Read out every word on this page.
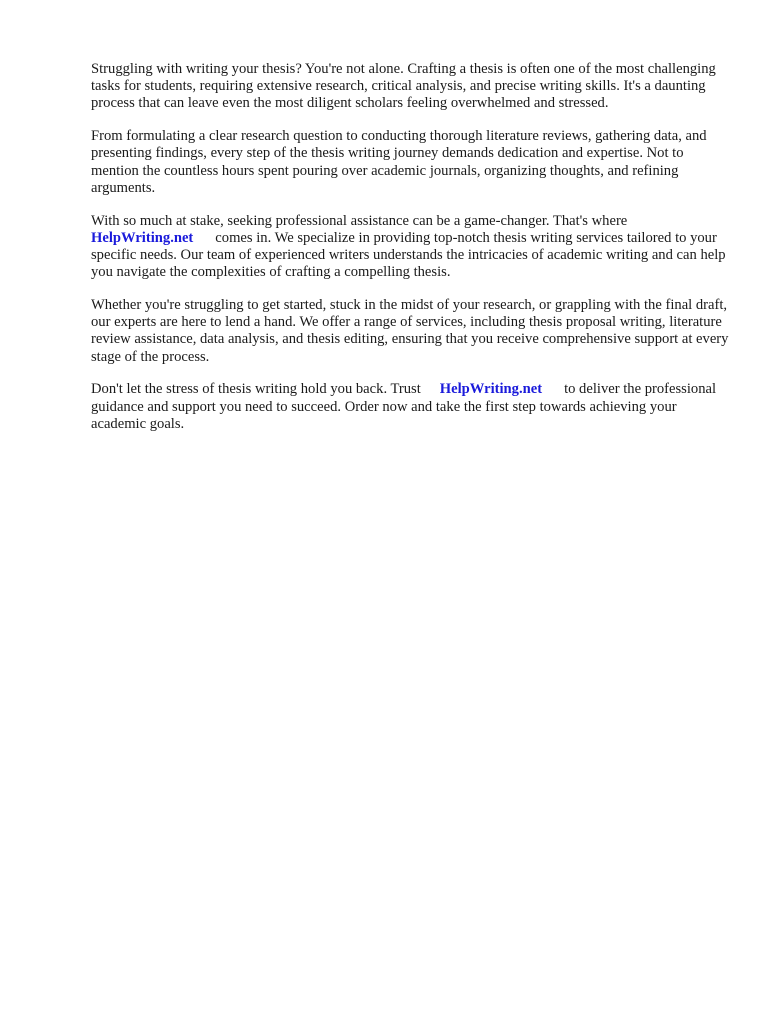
Struggling with writing your thesis? You're not alone. Crafting a thesis is often one of the most challenging tasks for students, requiring extensive research, critical analysis, and precise writing skills. It's a daunting process that can leave even the most diligent scholars feeling overwhelmed and stressed.

From formulating a clear research question to conducting thorough literature reviews, gathering data, and presenting findings, every step of the thesis writing journey demands dedication and expertise. Not to mention the countless hours spent pouring over academic journals, organizing thoughts, and refining arguments.

With so much at stake, seeking professional assistance can be a game-changer. That's where
HelpWriting.net comes in. We specialize in providing top-notch thesis writing services tailored to your specific needs. Our team of experienced writers understands the intricacies of academic writing and can help you navigate the complexities of crafting a compelling thesis.

Whether you're struggling to get started, stuck in the midst of your research, or grappling with the final draft, our experts are here to lend a hand. We offer a range of services, including thesis proposal writing, literature review assistance, data analysis, and thesis editing, ensuring that you receive comprehensive support at every stage of the process.

Don't let the stress of thesis writing hold you back. Trust HelpWriting.net to deliver the professional guidance and support you need to succeed. Order now and take the first step towards achieving your academic goals.
